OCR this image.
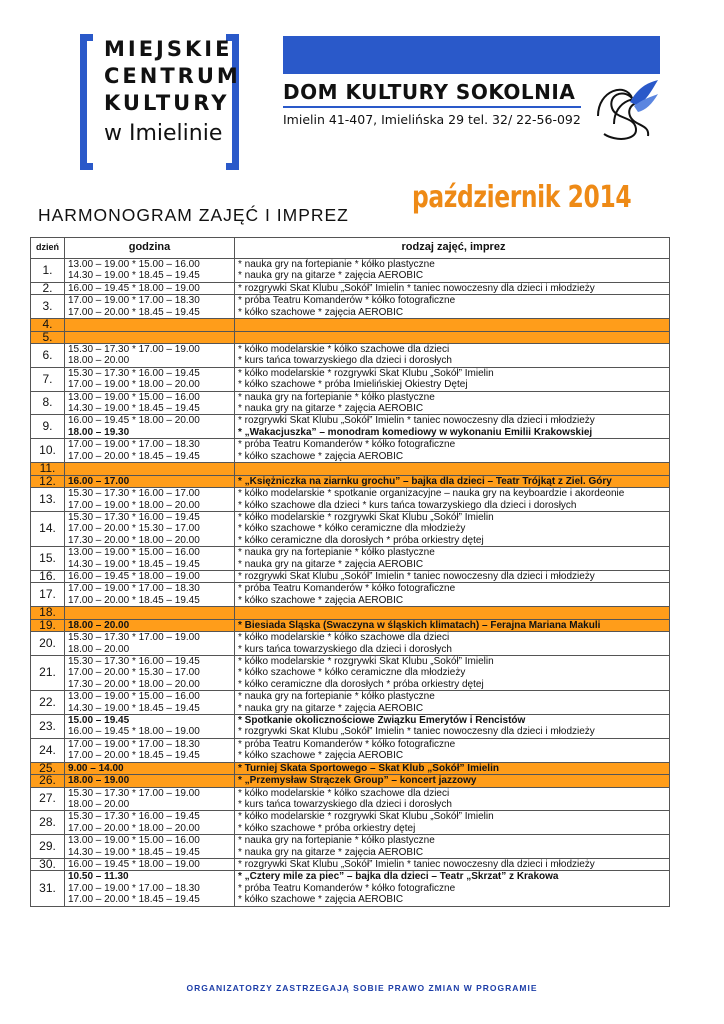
MIEJSKIE
CENTRUM
KULTURY
w Imielinie
DOM KULTURY SOKOLNIA
Imielin 41-407, Imielińska 29 tel. 32/ 22-56-092
październik 2014
HARMONOGRAM ZAJĘĆ I IMPREZ
dzień	godzina	rodzaj zajęć, imprez
1.	13.00 – 19.00 * 15.00 – 16.00
14.30 – 19.00 * 18.45 – 19.45	* nauka gry na fortepianie * kółko plastyczne
* nauka gry na gitarze * zajęcia AEROBIC

2.	16.00 – 19.45 * 18.00 – 19.00	* rozgrywki Skat Klubu „Sokół” Imielin * taniec nowoczesny dla dzieci i młodzieży

3.	17.00 – 19.00 * 17.00 – 18.30
17.00 – 20.00 * 18.45 – 19.45	* próba Teatru Komanderów * kółko fotograficzne
* kółko szachowe * zajęcia AEROBIC

4.	

5.	

6.	15.30 – 17.30 * 17.00 – 19.00
18.00 – 20.00	* kółko modelarskie * kółko szachowe dla dzieci
* kurs tańca towarzyskiego dla dzieci i dorosłych

7.	15.30 – 17.30 * 16.00 – 19.45
17.00 – 19.00 * 18.00 – 20.00	* kółko modelarskie * rozgrywki Skat Klubu „Sokół” Imielin
* kółko szachowe * próba Imielińskiej Okiestry Dętej

8.	13.00 – 19.00 * 15.00 – 16.00
14.30 – 19.00 * 18.45 – 19.45	* nauka gry na fortepianie * kółko plastyczne
* nauka gry na gitarze * zajęcia AEROBIC

9.	16.00 – 19.45 * 18.00 – 20.00
18.00 – 19.30	* rozgrywki Skat Klubu „Sokół” Imielin * taniec nowoczesny dla dzieci i młodzieży
* „Wakacjuszka” – monodram komediowy w wykonaniu Emilii Krakowskiej

10.	17.00 – 19.00 * 17.00 – 18.30
17.00 – 20.00 * 18.45 – 19.45	* próba Teatru Komanderów * kółko fotograficzne
* kółko szachowe * zajęcia AEROBIC

11.	

12.	16.00 – 17.00	* „Księżniczka na ziarnku grochu” – bajka dla dzieci – Teatr Trójkąt z Ziel. Góry

13.	15.30 – 17.30 * 16.00 – 17.00
17.00 – 19.00 * 18.00 – 20.00	* kółko modelarskie * spotkanie organizacyjne – nauka gry na keyboardzie i akordeonie
* kółko szachowe dla dzieci * kurs tańca towarzyskiego dla dzieci i dorosłych

14.	15.30 – 17.30 * 16.00 – 19.45
17.00 – 20.00 * 15.30 – 17.00
17.30 – 20.00 * 18.00 – 20.00	* kółko modelarskie * rozgrywki Skat Klubu „Sokół” Imielin
* kółko szachowe * kółko ceramiczne dla młodzieży
* kółko ceramiczne dla dorosłych * próba orkiestry dętej

15.	13.00 – 19.00 * 15.00 – 16.00
14.30 – 19.00 * 18.45 – 19.45	* nauka gry na fortepianie * kółko plastyczne
* nauka gry na gitarze * zajęcia AEROBIC

16.	16.00 – 19.45 * 18.00 – 19.00	* rozgrywki Skat Klubu „Sokół” Imielin * taniec nowoczesny dla dzieci i młodzieży

17.	17.00 – 19.00 * 17.00 – 18.30
17.00 – 20.00 * 18.45 – 19.45	* próba Teatru Komanderów * kółko fotograficzne
* kółko szachowe * zajęcia AEROBIC

18.	

19.	18.00 – 20.00	* Biesiada Śląska (Swaczyna w śląskich klimatach) – Ferajna Mariana Makuli

20.	15.30 – 17.30 * 17.00 – 19.00
18.00 – 20.00	* kółko modelarskie * kółko szachowe dla dzieci
* kurs tańca towarzyskiego dla dzieci i dorosłych

21.	15.30 – 17.30 * 16.00 – 19.45
17.00 – 20.00 * 15.30 – 17.00
17.30 – 20.00 * 18.00 – 20.00	* kółko modelarskie * rozgrywki Skat Klubu „Sokół” Imielin
* kółko szachowe * kółko ceramiczne dla młodzieży
* kółko ceramiczne dla dorosłych * próba orkiestry dętej

22.	13.00 – 19.00 * 15.00 – 16.00
14.30 – 19.00 * 18.45 – 19.45	* nauka gry na fortepianie * kółko plastyczne
* nauka gry na gitarze * zajęcia AEROBIC

23.	15.00 – 19.45
16.00 – 19.45 * 18.00 – 19.00	* Spotkanie okolicznościowe Związku Emerytów i Rencistów
* rozgrywki Skat Klubu „Sokół” Imielin * taniec nowoczesny dla dzieci i młodzieży

24.	17.00 – 19.00 * 17.00 – 18.30
17.00 – 20.00 * 18.45 – 19.45	* próba Teatru Komanderów * kółko fotograficzne
* kółko szachowe * zajęcia AEROBIC

25.	9.00 – 14.00	* Turniej Skata Sportowego – Skat Klub „Sokół” Imielin

26.	18.00 – 19.00	* „Przemysław Strączek Group” – koncert jazzowy

27.	15.30 – 17.30 * 17.00 – 19.00
18.00 – 20.00	* kółko modelarskie * kółko szachowe dla dzieci
* kurs tańca towarzyskiego dla dzieci i dorosłych

28.	15.30 – 17.30 * 16.00 – 19.45
17.00 – 20.00 * 18.00 – 20.00	* kółko modelarskie * rozgrywki Skat Klubu „Sokół” Imielin
* kółko szachowe * próba orkiestry dętej

29.	13.00 – 19.00 * 15.00 – 16.00
14.30 – 19.00 * 18.45 – 19.45	* nauka gry na fortepianie * kółko plastyczne
* nauka gry na gitarze * zajęcia AEROBIC

30.	16.00 – 19.45 * 18.00 – 19.00	* rozgrywki Skat Klubu „Sokół” Imielin * taniec nowoczesny dla dzieci i młodzieży

31.	10.50 – 11.30
17.00 – 19.00 * 17.00 – 18.30
17.00 – 20.00 * 18.45 – 19.45	* „Cztery mile za piec” – bajka dla dzieci – Teatr „Skrzat” z Krakowa
* próba Teatru Komanderów * kółko fotograficzne
* kółko szachowe * zajęcia AEROBIC
ORGANIZATORZY ZASTRZEGAJĄ SOBIE PRAWO ZMIAN W PROGRAMIE
